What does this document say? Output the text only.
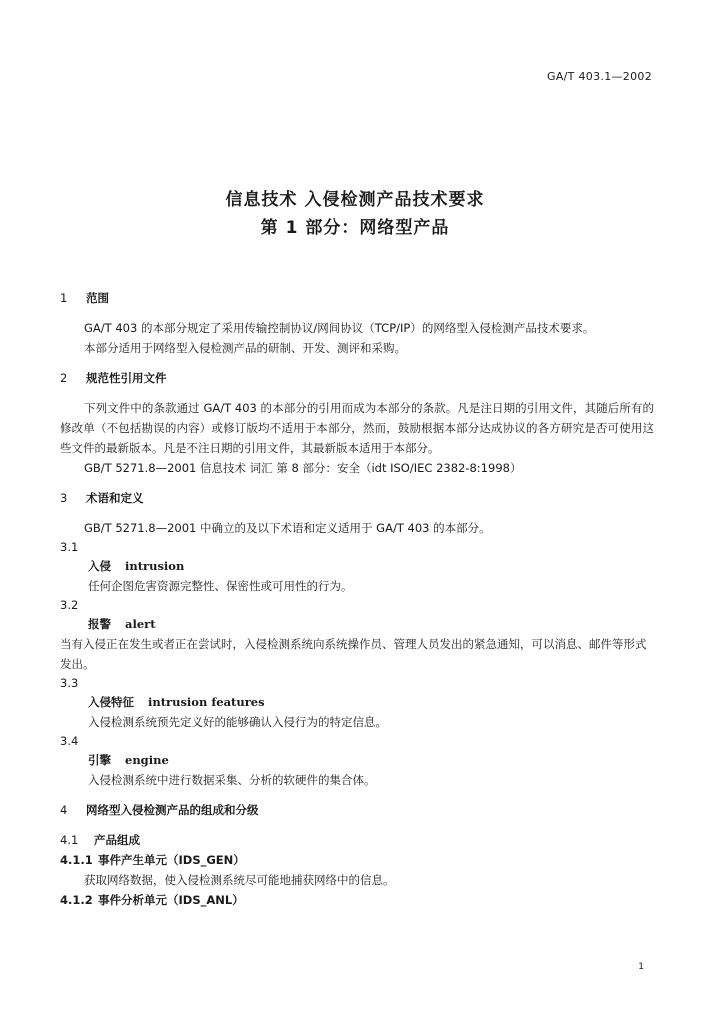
GA/T 403.1—2002
信息技术 入侵检测产品技术要求
第 1 部分：网络型产品

1 范围

GA/T 403 的本部分规定了采用传输控制协议/网间协议（TCP/IP）的网络型入侵检测产品技术要求。

本部分适用于网络型入侵检测产品的研制、开发、测评和采购。

2 规范性引用文件

下列文件中的条款通过 GA/T 403 的本部分的引用而成为本部分的条款。凡是注日期的引用文件，其随后所有的修改单（不包括勘误的内容）或修订版均不适用于本部分，然而，鼓励根据本部分达成协议的各方研究是否可使用这些文件的最新版本。凡是不注日期的引用文件，其最新版本适用于本部分。

GB/T 5271.8—2001 信息技术 词汇 第 8 部分：安全（idt ISO/IEC 2382-8:1998）

3 术语和定义

GB/T 5271.8—2001 中确立的及以下术语和定义适用于 GA/T 403 的本部分。

3.1

入侵 intrusion

任何企图危害资源完整性、保密性或可用性的行为。

3.2

报警 alert

当有入侵正在发生或者正在尝试时，入侵检测系统向系统操作员、管理人员发出的紧急通知，可以消息、邮件等形式发出。

3.3

入侵特征 intrusion features

入侵检测系统预先定义好的能够确认入侵行为的特定信息。

3.4

引擎 engine

入侵检测系统中进行数据采集、分析的软硬件的集合体。

4 网络型入侵检测产品的组成和分级

4.1 产品组成

4.1.1 事件产生单元（IDS_GEN）

获取网络数据，使入侵检测系统尽可能地捕获网络中的信息。

4.1.2 事件分析单元（IDS_ANL）

1
